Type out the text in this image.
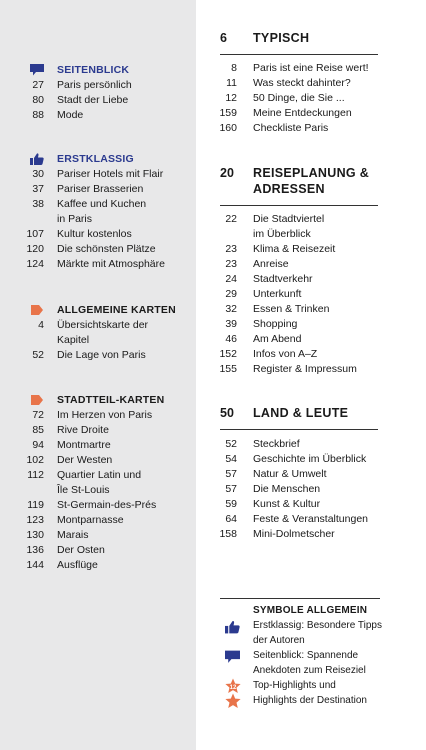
SEITENBLICK
27 Paris persönlich
80 Stadt der Liebe
88 Mode
ERSTKLASSIG
30 Pariser Hotels mit Flair
37 Pariser Brasserien
38 Kaffee und Kuchen
in Paris
107 Kultur kostenlos
120 Die schönsten Plätze
124 Märkte mit Atmosphäre
ALLGEMEINE KARTEN
4 Übersichtskarte der
Kapitel
52 Die Lage von Paris
STADTTEIL-KARTEN
72 Im Herzen von Paris
85 Rive Droite
94 Montmartre
102 Der Westen
112 Quartier Latin und
Île St-Louis
119 St-Germain-des-Prés
123 Montparnasse
130 Marais
136 Der Osten
144 Ausflüge
6	TYPISCH
8 Paris ist eine Reise wert!
11 Was steckt dahinter?
12 50 Dinge, die Sie ...
159 Meine Entdeckungen
160 Checkliste Paris
20	REISEPLANUNG &
ADRESSEN
22 Die Stadtviertel
im Überblick
23 Klima & Reisezeit
23 Anreise
24 Stadtverkehr
29 Unterkunft
32 Essen & Trinken
39 Shopping
46 Am Abend
152 Infos von A–Z
155 Register & Impressum
50	LAND & LEUTE
52 Steckbrief
54 Geschichte im Überblick
57 Natur & Umwelt
57 Die Menschen
59 Kunst & Kultur
64 Feste & Veranstaltungen
158 Mini-Dolmetscher
SYMBOLE ALLGEMEIN
Erstklassig: Besondere Tipps
der Autoren
Seitenblick: Spannende
Anekdoten zum Reiseziel
12 Top-Highlights und
Highlights der Destination
